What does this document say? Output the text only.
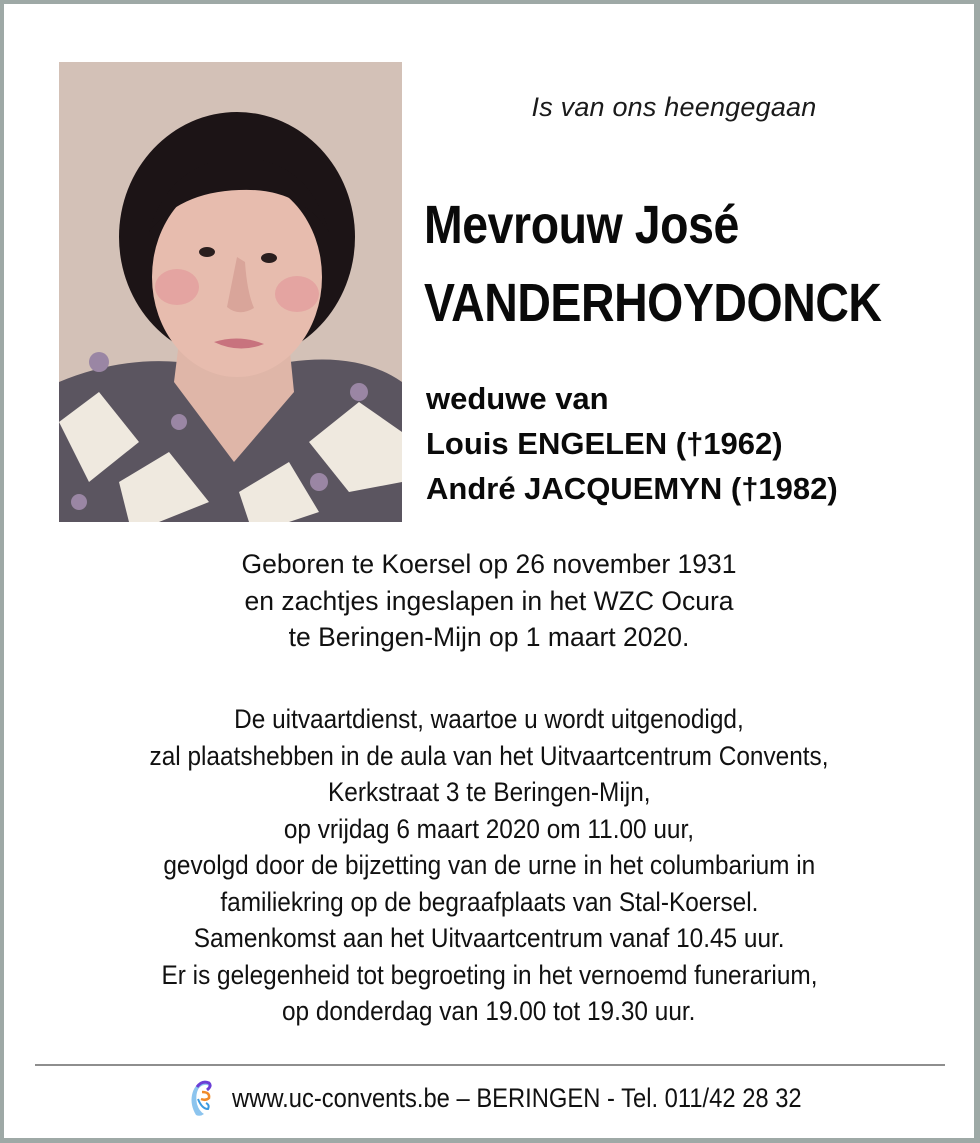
Is van ons heengegaan
Mevrouw José
VANDERHOYDONCK
weduwe van
Louis ENGELEN (†1962)
André JACQUEMYN (†1982)
Geboren te Koersel op 26 november 1931
en zachtjes ingeslapen in het WZC Ocura
te Beringen-Mijn op 1 maart 2020.
De uitvaartdienst, waartoe u wordt uitgenodigd,
zal plaatshebben in de aula van het Uitvaartcentrum Convents,
Kerkstraat 3 te Beringen-Mijn,
op vrijdag 6 maart 2020 om 11.00 uur,
gevolgd door de bijzetting van de urne in het columbarium in
familiekring op de begraafplaats van Stal-Koersel.
Samenkomst aan het Uitvaartcentrum vanaf 10.45 uur.
Er is gelegenheid tot begroeting in het vernoemd funerarium,
op donderdag van 19.00 tot 19.30 uur.
www.uc-convents.be – BERINGEN - Tel. 011/42 28 32
